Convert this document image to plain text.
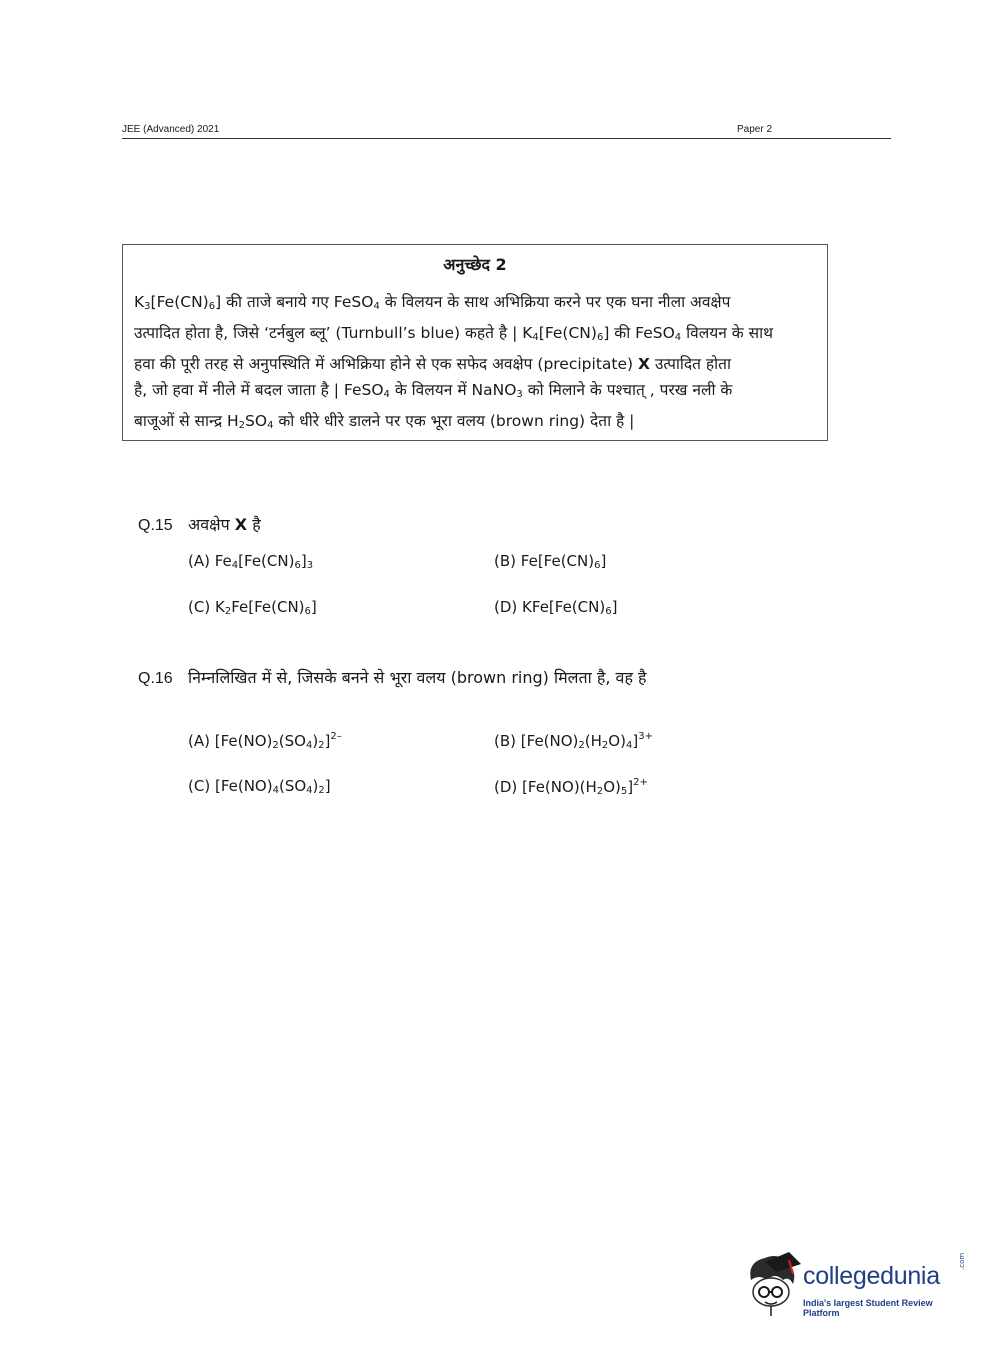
JEE (Advanced) 2021	Paper 2
अनुच्छेद 2
$K_3[Fe(CN)_6]$ की ताजे बनाये गए FeSO$_4$ के विलयन के साथ अभिक्रिया करने पर एक घना नीला अवक्षेप
उत्पादित होता है, जिसे ‘टर्नबुल ब्लू’ (Turnbull’s blue) कहते है | $K_4[Fe(CN)_6]$ की FeSO$_4$ विलयन के साथ
हवा की पूरी तरह से अनुपस्थिति में अभिक्रिया होने से एक सफेद अवक्षेप (precipitate) X उत्पादित होता
है, जो हवा में नीले में बदल जाता है | FeSO$_4$ के विलयन में NaNO$_3$ को मिलाने के पश्चात् , परख नली के
बाजूओं से सान्द्र $H_2SO_4$ को धीरे धीरे डालने पर एक भूरा वलय (brown ring) देता है |
Q.15 अवक्षेप X है
(A) $Fe_4[Fe(CN)_6]_3$	(B) $Fe[Fe(CN)_6]$
(C) $K_2Fe[Fe(CN)_6]$	(D) $KFe[Fe(CN)_6]$
Q.16 निम्नलिखित में से, जिसके बनने से भूरा वलय (brown ring) मिलता है, वह है
(A) $[Fe(NO)_2(SO_4)_2]^{2-}$	(B) $[Fe(NO)_2(H_2O)_4]^{3+}$
(C) $[Fe(NO)_4(SO_4)_2]$	(D) $[Fe(NO)(H_2O)_5]^{2+}$
collegedunia
.com
India's largest Student Review Platform
